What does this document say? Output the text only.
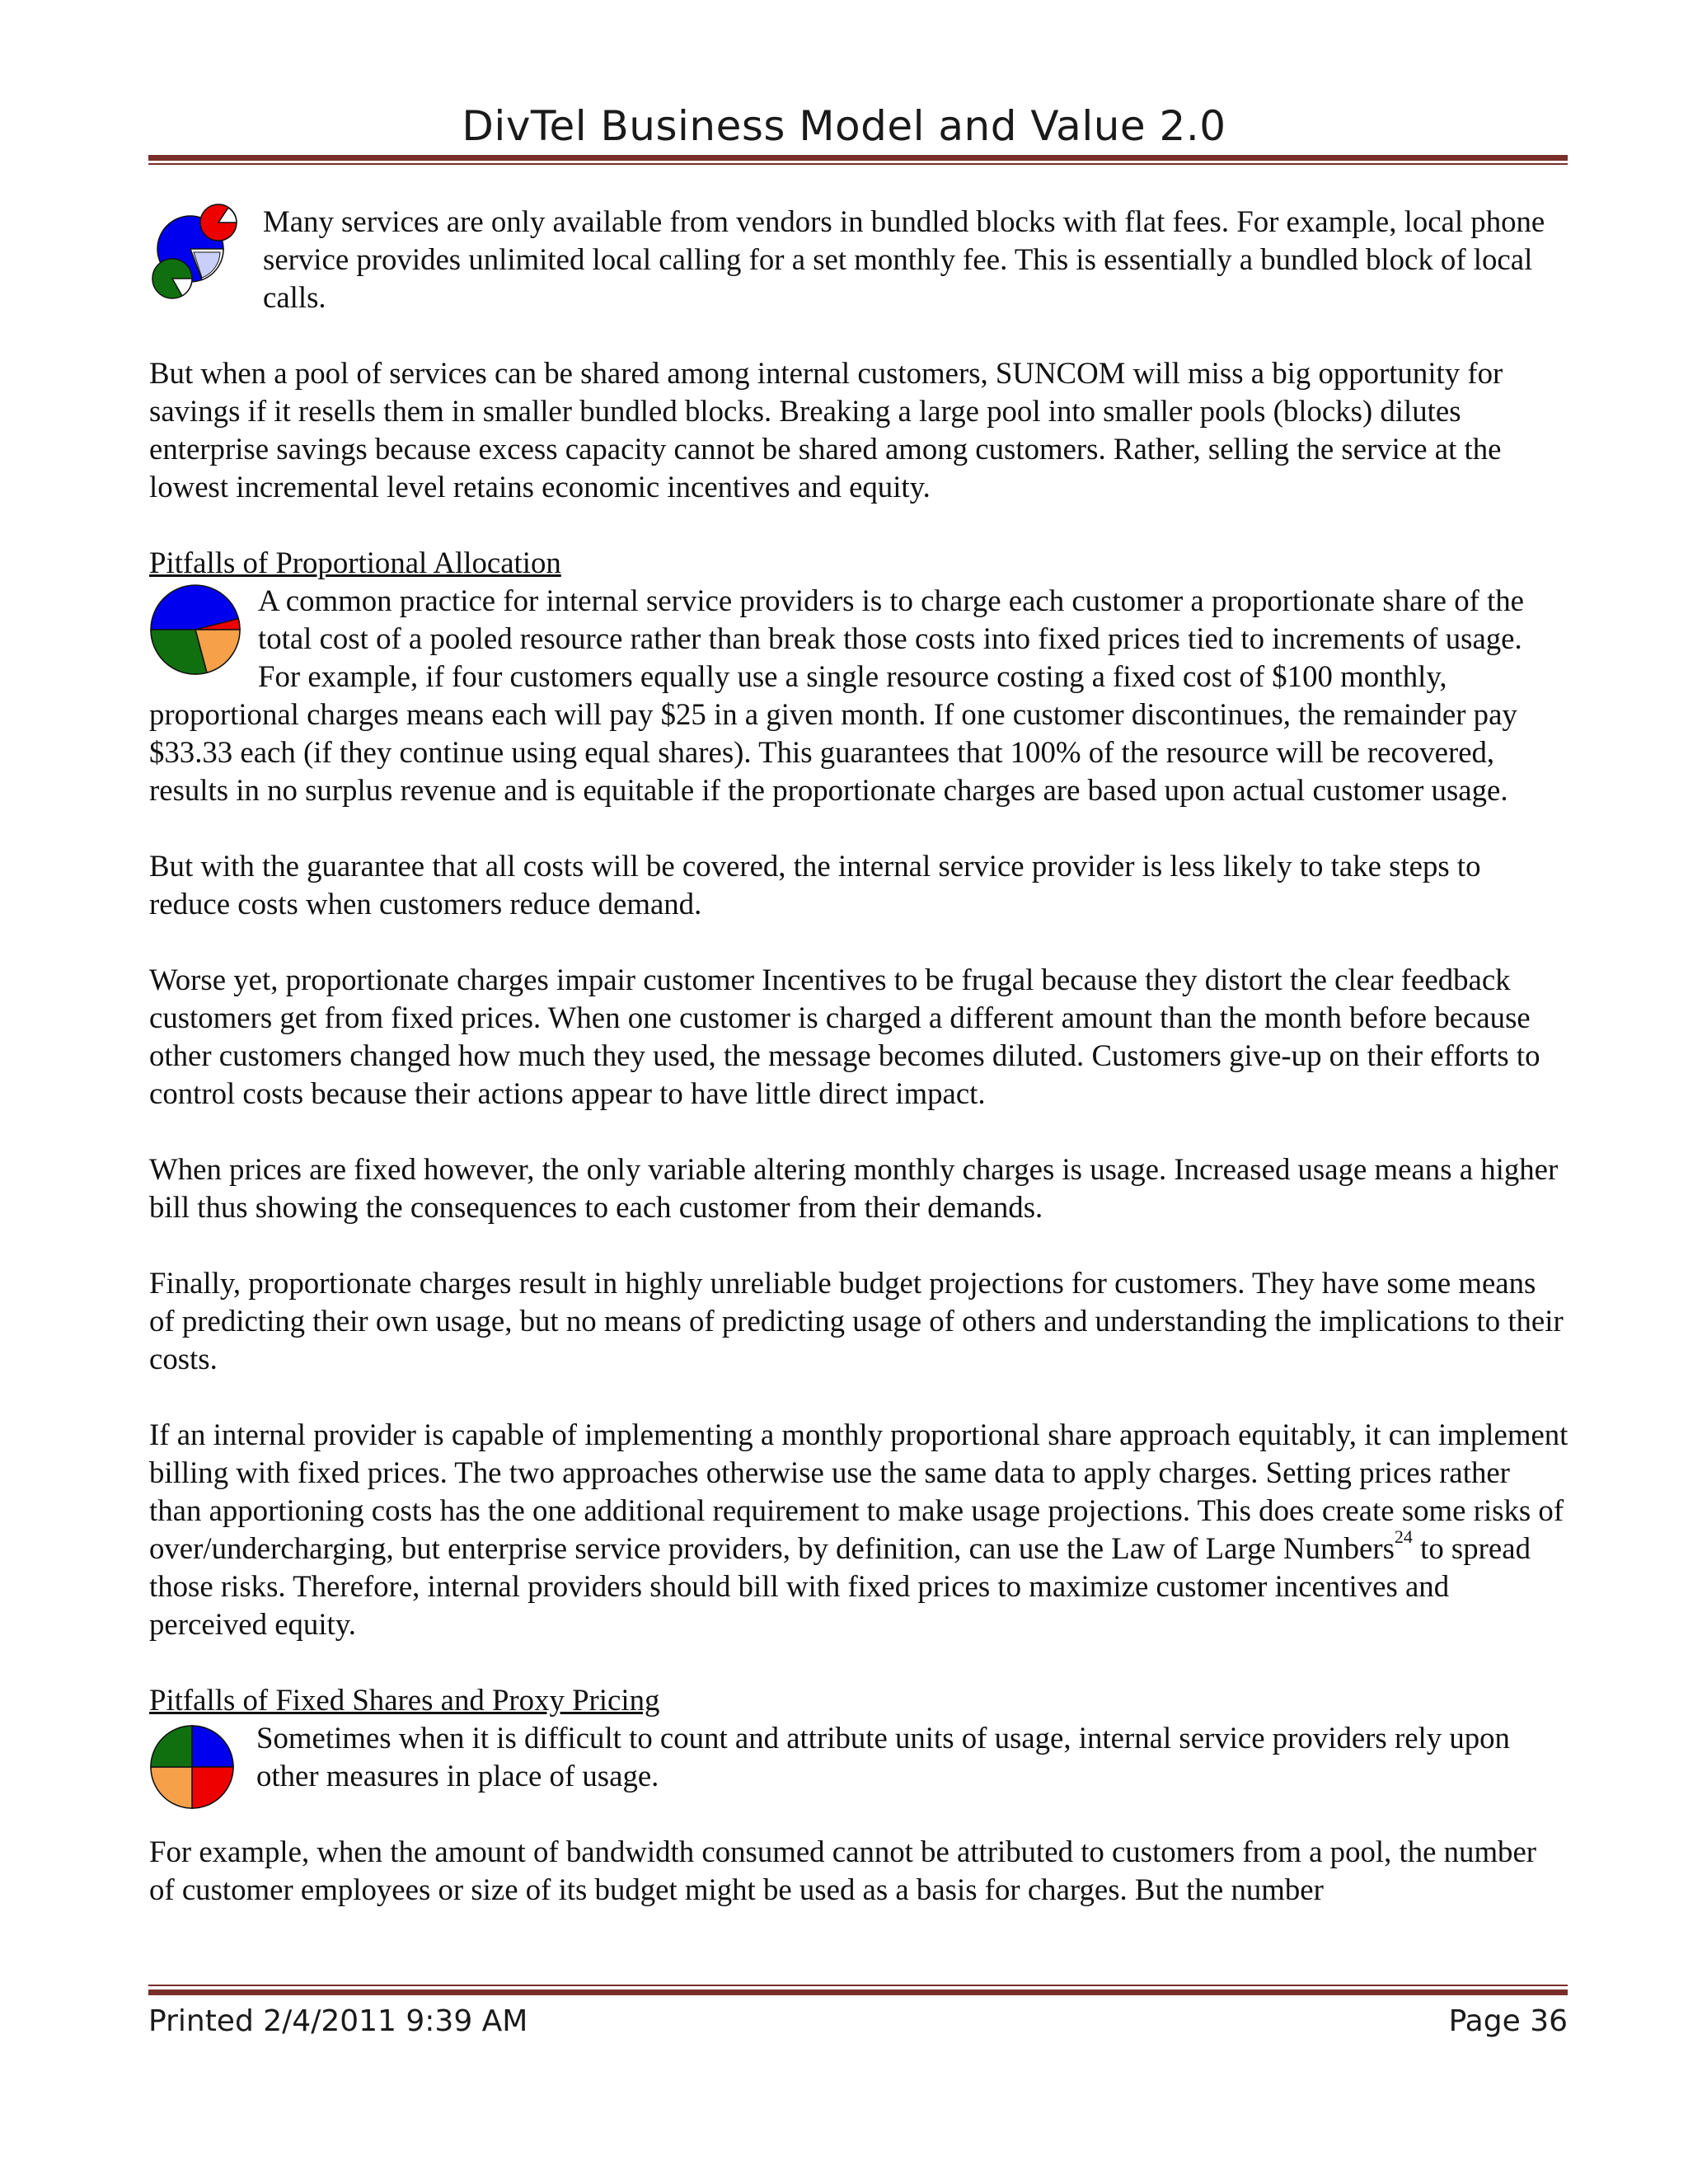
DivTel Business Model and Value 2.0

Many services are only available from vendors in bundled blocks with flat fees. For example, local phone service provides unlimited local calling for a set monthly fee. This is essentially a bundled block of local calls.

But when a pool of services can be shared among internal customers, SUNCOM will miss a big opportunity for savings if it resells them in smaller bundled blocks. Breaking a large pool into smaller pools (blocks) dilutes enterprise savings because excess capacity cannot be shared among customers. Rather, selling the service at the lowest incremental level retains economic incentives and equity.

Pitfalls of Proportional Allocation

A common practice for internal service providers is to charge each customer a proportionate share of the total cost of a pooled resource rather than break those costs into fixed prices tied to increments of usage. For example, if four customers equally use a single resource costing a fixed cost of $100 monthly, proportional charges means each will pay $25 in a given month. If one customer discontinues, the remainder pay $33.33 each (if they continue using equal shares). This guarantees that 100% of the resource will be recovered, results in no surplus revenue and is equitable if the proportionate charges are based upon actual customer usage.

But with the guarantee that all costs will be covered, the internal service provider is less likely to take steps to reduce costs when customers reduce demand.

Worse yet, proportionate charges impair customer Incentives to be frugal because they distort the clear feedback customers get from fixed prices. When one customer is charged a different amount than the month before because other customers changed how much they used, the message becomes diluted. Customers give-up on their efforts to control costs because their actions appear to have little direct impact.

When prices are fixed however, the only variable altering monthly charges is usage. Increased usage means a higher bill thus showing the consequences to each customer from their demands.

Finally, proportionate charges result in highly unreliable budget projections for customers. They have some means of predicting their own usage, but no means of predicting usage of others and understanding the implications to their costs.

If an internal provider is capable of implementing a monthly proportional share approach equitably, it can implement billing with fixed prices. The two approaches otherwise use the same data to apply charges. Setting prices rather than apportioning costs has the one additional requirement to make usage projections. This does create some risks of over/undercharging, but enterprise service providers, by definition, can use the Law of Large Numbers$^{24}$ to spread those risks. Therefore, internal providers should bill with fixed prices to maximize customer incentives and perceived equity.

Pitfalls of Fixed Shares and Proxy Pricing

Sometimes when it is difficult to count and attribute units of usage, internal service providers rely upon other measures in place of usage.

For example, when the amount of bandwidth consumed cannot be attributed to customers from a pool, the number of customer employees or size of its budget might be used as a basis for charges. But the number

Printed 2/4/2011 9:39 AM	Page 36
